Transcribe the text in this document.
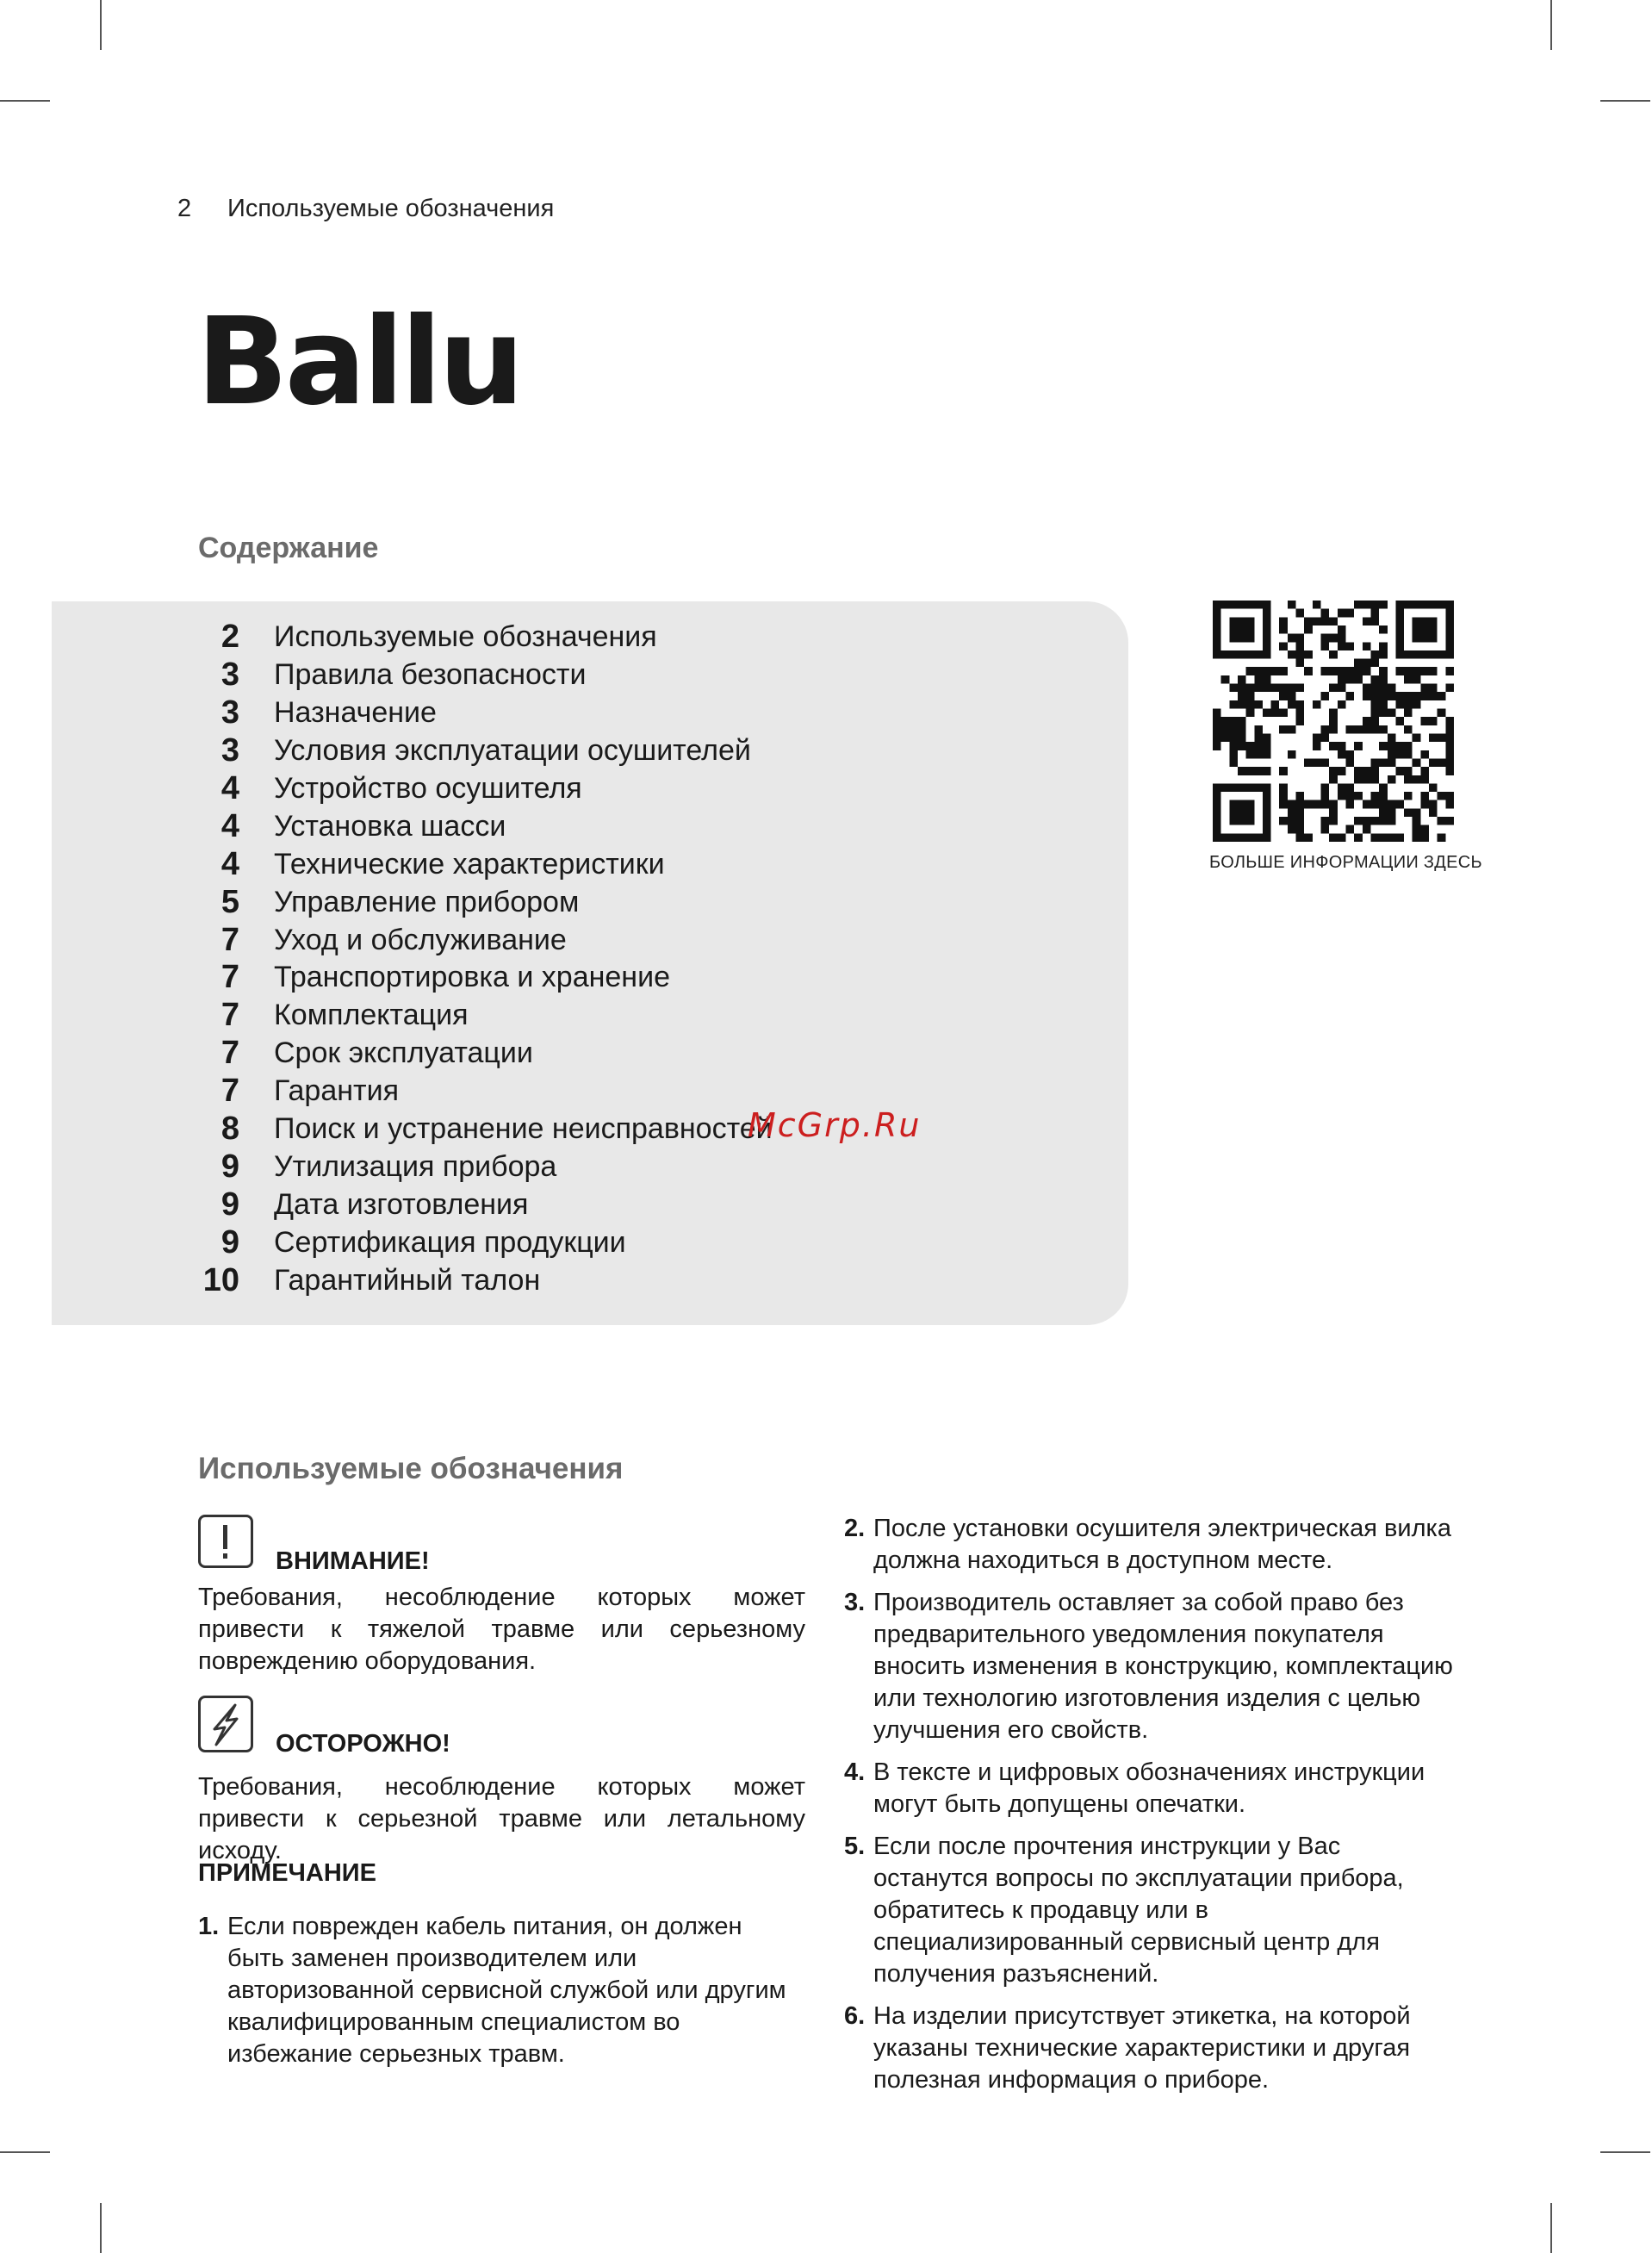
2 Используемые обозначения
Ballu
Содержание
2	Используемые обозначения
3	Правила безопасности
3	Назначение
3	Условия эксплуатации осушителей
4	Устройство осушителя
4	Установка шасси
4	Технические характеристики
5	Управление прибором
7	Уход и обслуживание
7	Транспортировка и хранение
7	Комплектация
7	Срок эксплуатации
7	Гарантия
8	Поиск и устранение неисправностей
9	Утилизация прибора
9	Дата изготовления
9	Сертификация продукции
10	Гарантийный талон
McGrp.Ru
БОЛЬШЕ ИНФОРМАЦИИ ЗДЕСЬ
Используемые обозначения
ВНИМАНИЕ!
Требования, несоблюдение которых может привести к тяжелой травме или серьезному повреждению оборудования.
ОСТОРОЖНО!
Требования, несоблюдение которых может привести к серьезной травме или летальному исходу.
ПРИМЕЧАНИЕ
1. Если поврежден кабель питания, он должен быть заменен производителем или авторизованной сервисной службой или другим квалифицированным специалистом во избежание серьезных травм.
2. После установки осушителя электрическая вилка должна находиться в доступном месте.
3. Производитель оставляет за собой право без предварительного уведомления покупателя вносить изменения в конструкцию, комплектацию или технологию изготовления изделия с целью улучшения его свойств.
4. В тексте и цифровых обозначениях инструкции могут быть допущены опечатки.
5. Если после прочтения инструкции у Вас останутся вопросы по эксплуатации прибора, обратитесь к продавцу или в специализированный сервисный центр для получения разъяснений.
6. На изделии присутствует этикетка, на которой указаны технические характеристики и другая полезная информация о приборе.
